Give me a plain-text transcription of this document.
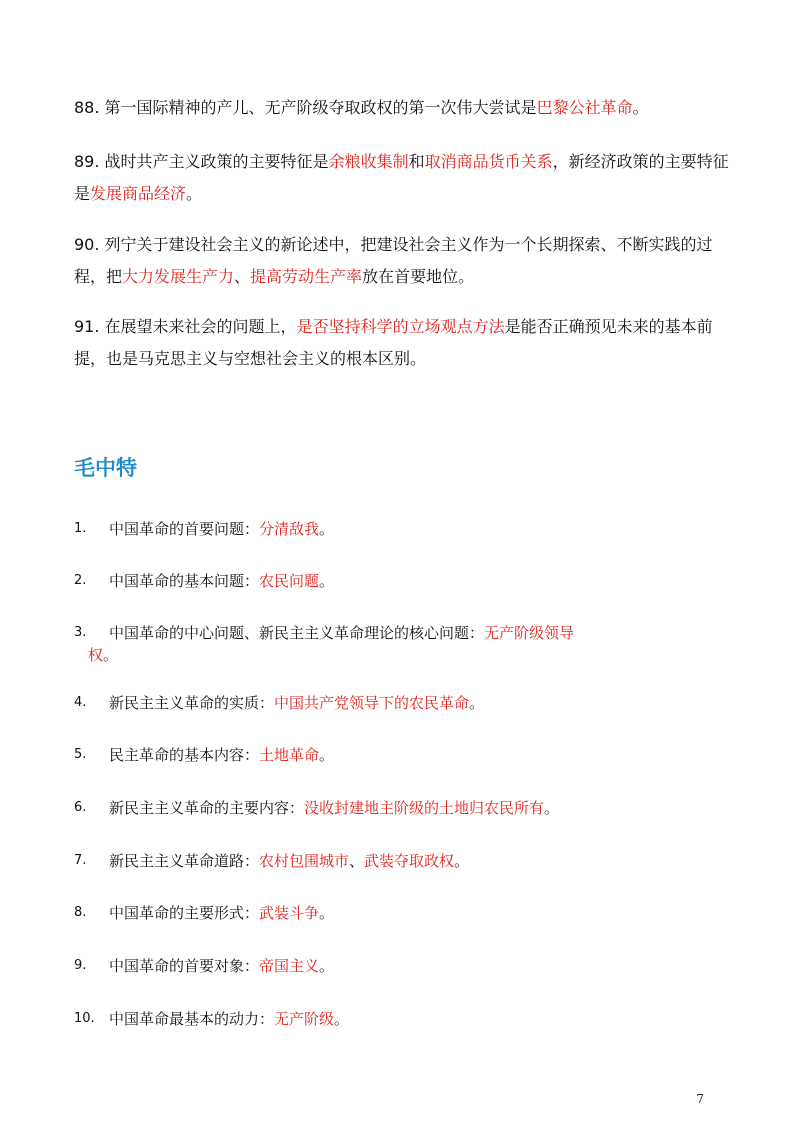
88. 第一国际精神的产儿、无产阶级夺取政权的第一次伟大尝试是巴黎公社革命。

89. 战时共产主义政策的主要特征是余粮收集制和取消商品货币关系，新经济政策的主要特征是发展商品经济。

90. 列宁关于建设社会主义的新论述中，把建设社会主义作为一个长期探索、不断实践的过程，把大力发展生产力、提高劳动生产率放在首要地位。

91. 在展望未来社会的问题上，是否坚持科学的立场观点方法是能否正确预见未来的基本前提，也是马克思主义与空想社会主义的根本区别。

毛中特
1.	中国革命的首要问题：分清敌我。
2.	中国革命的基本问题：农民问题。
3.	中国革命的中心问题、新民主主义革命理论的核心问题：无产阶级领导
权。
4.	新民主主义革命的实质：中国共产党领导下的农民革命。
5.	民主革命的基本内容：土地革命。
6.	新民主主义革命的主要内容：没收封建地主阶级的土地归农民所有。
7.	新民主主义革命道路：农村包围城市、武装夺取政权。
8.	中国革命的主要形式：武装斗争。
9.	中国革命的首要对象：帝国主义。
10. 中国革命最基本的动力：无产阶级。
7
